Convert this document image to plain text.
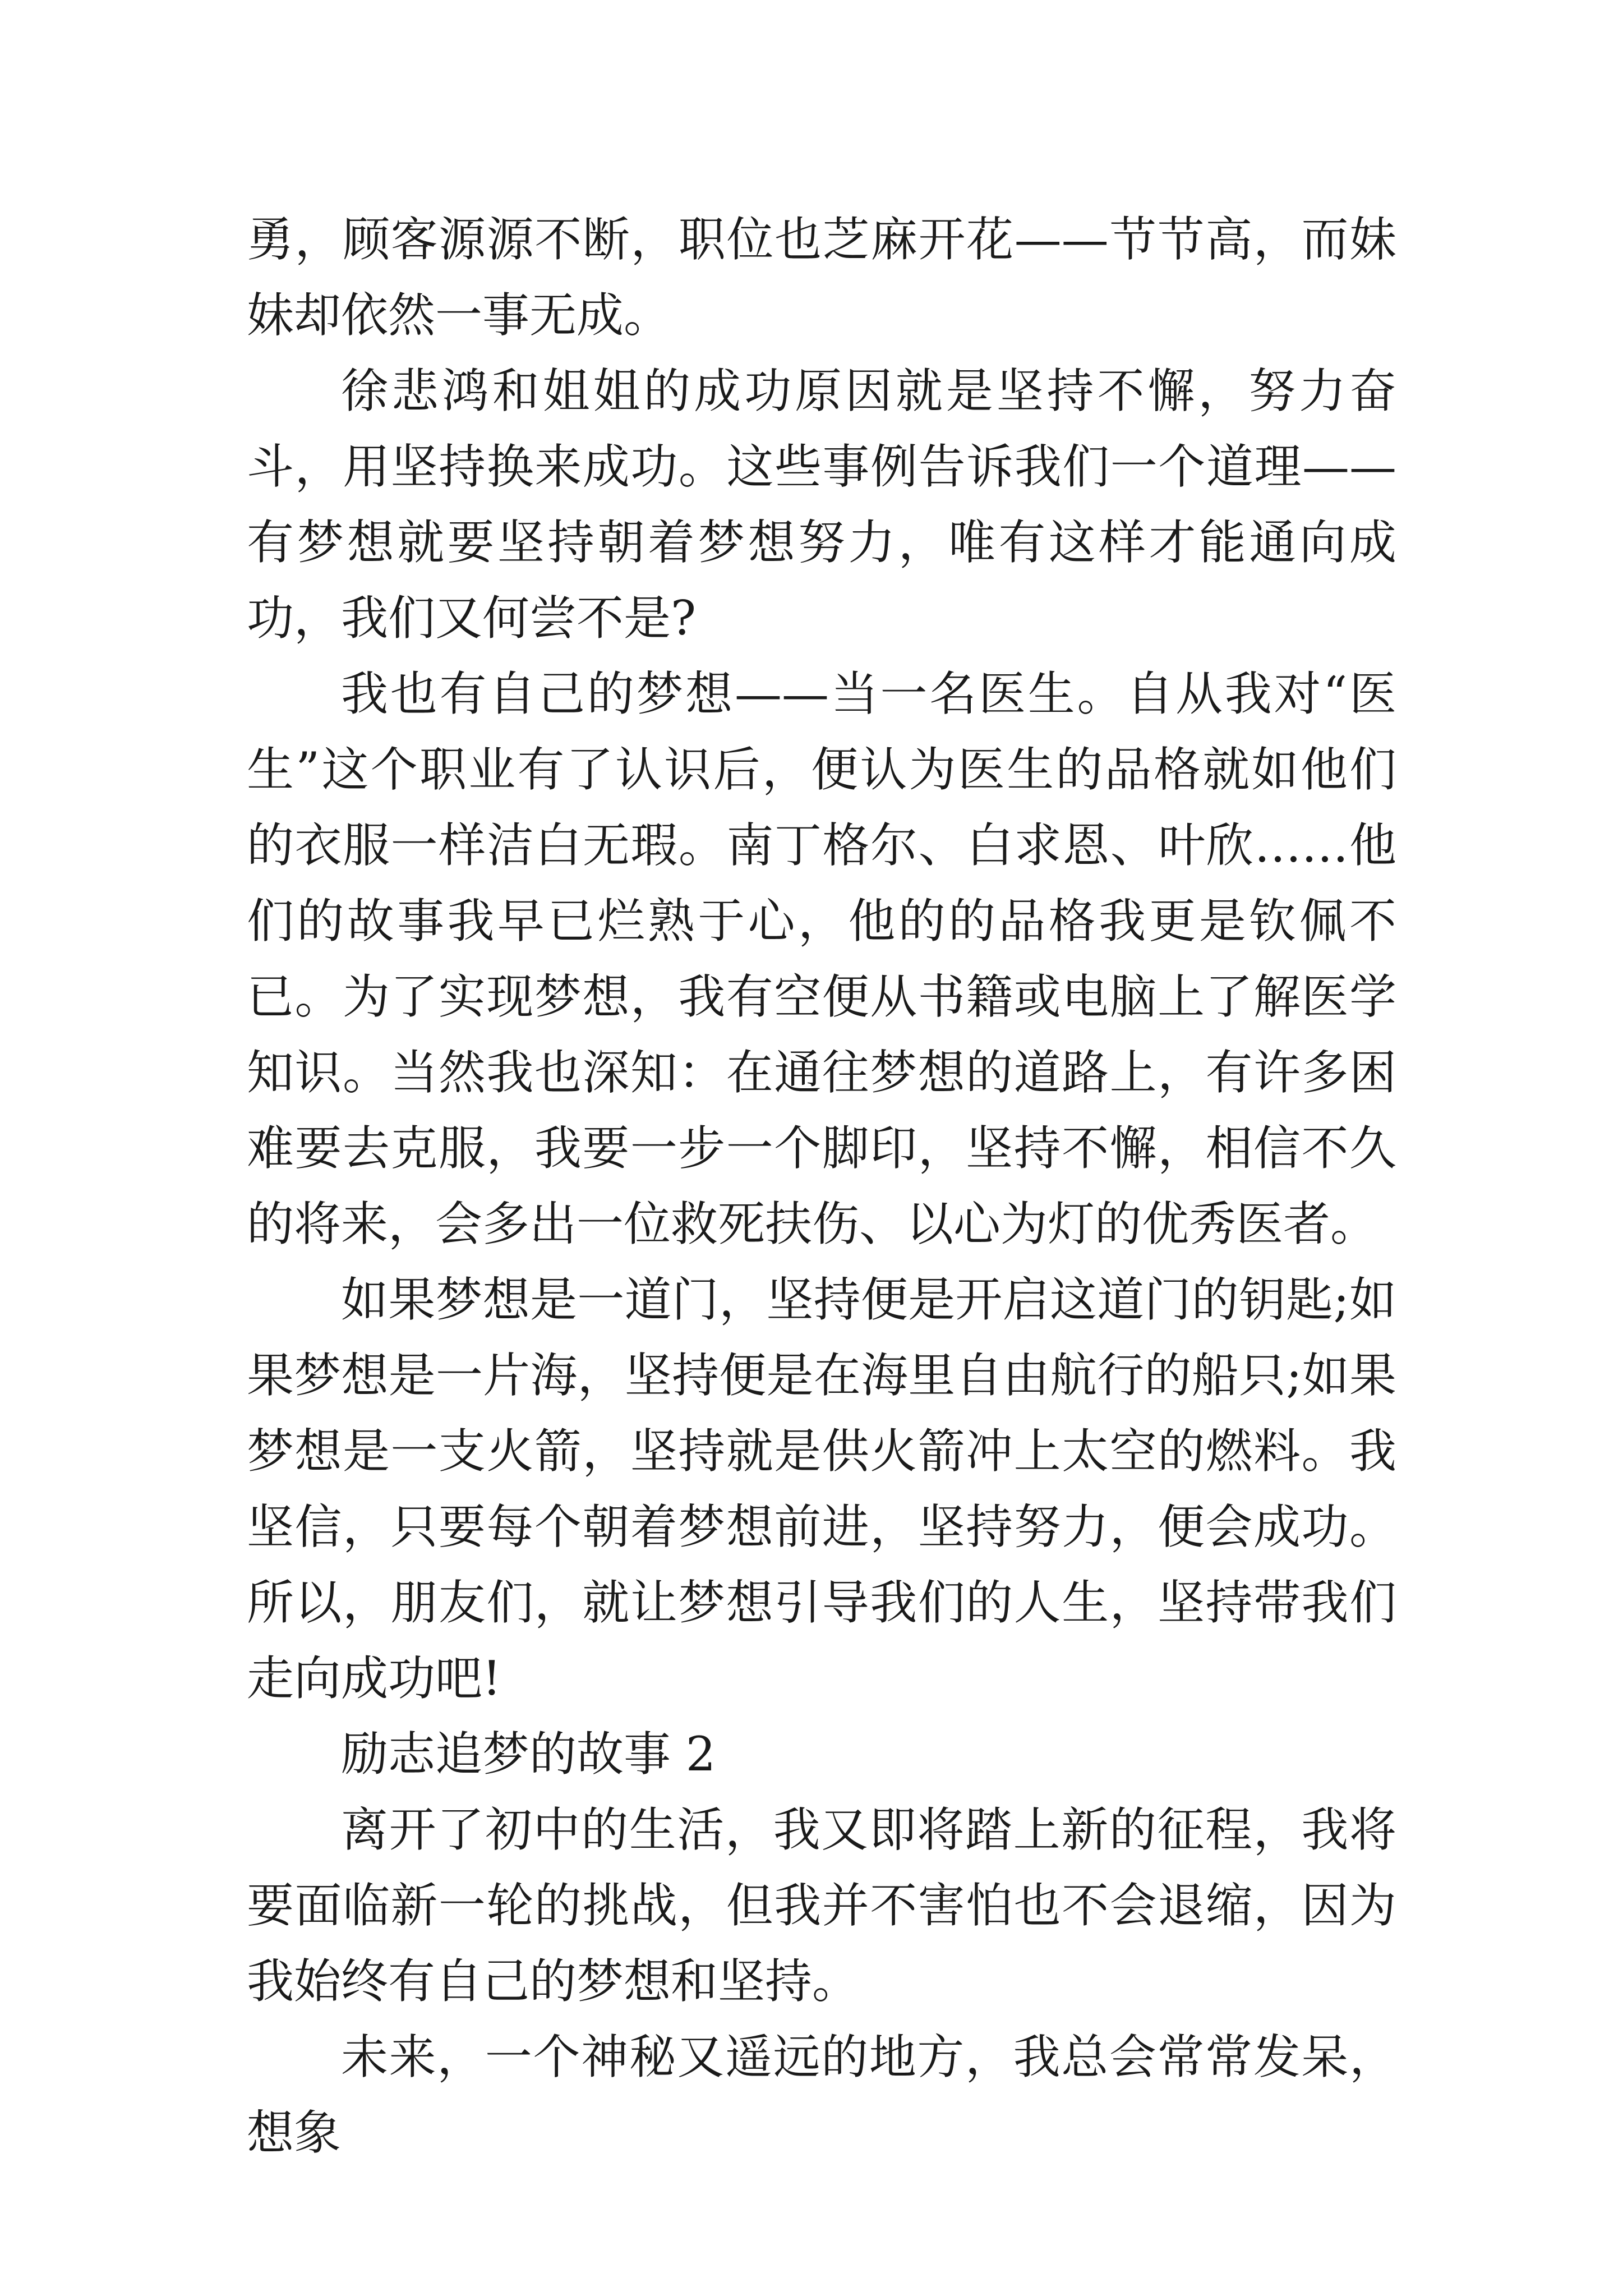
勇，顾客源源不断，职位也芝麻开花——节节高，而妹妹却依然一事无成。

徐悲鸿和姐姐的成功原因就是坚持不懈，努力奋斗，用坚持换来成功。这些事例告诉我们一个道理——有梦想就要坚持朝着梦想努力，唯有这样才能通向成功，我们又何尝不是?

我也有自己的梦想——当一名医生。自从我对“医生”这个职业有了认识后，便认为医生的品格就如他们的衣服一样洁白无瑕。南丁格尔、白求恩、叶欣……他们的故事我早已烂熟于心，他的的品格我更是钦佩不已。为了实现梦想，我有空便从书籍或电脑上了解医学知识。当然我也深知：在通往梦想的道路上，有许多困难要去克服，我要一步一个脚印，坚持不懈，相信不久的将来，会多出一位救死扶伤、以心为灯的优秀医者。

如果梦想是一道门，坚持便是开启这道门的钥匙;如果梦想是一片海，坚持便是在海里自由航行的船只;如果梦想是一支火箭，坚持就是供火箭冲上太空的燃料。我坚信，只要每个朝着梦想前进，坚持努力，便会成功。所以，朋友们，就让梦想引导我们的人生，坚持带我们走向成功吧!

励志追梦的故事 2

离开了初中的生活，我又即将踏上新的征程，我将要面临新一轮的挑战，但我并不害怕也不会退缩，因为我始终有自己的梦想和坚持。

未来，一个神秘又遥远的地方，我总会常常发呆，想象
